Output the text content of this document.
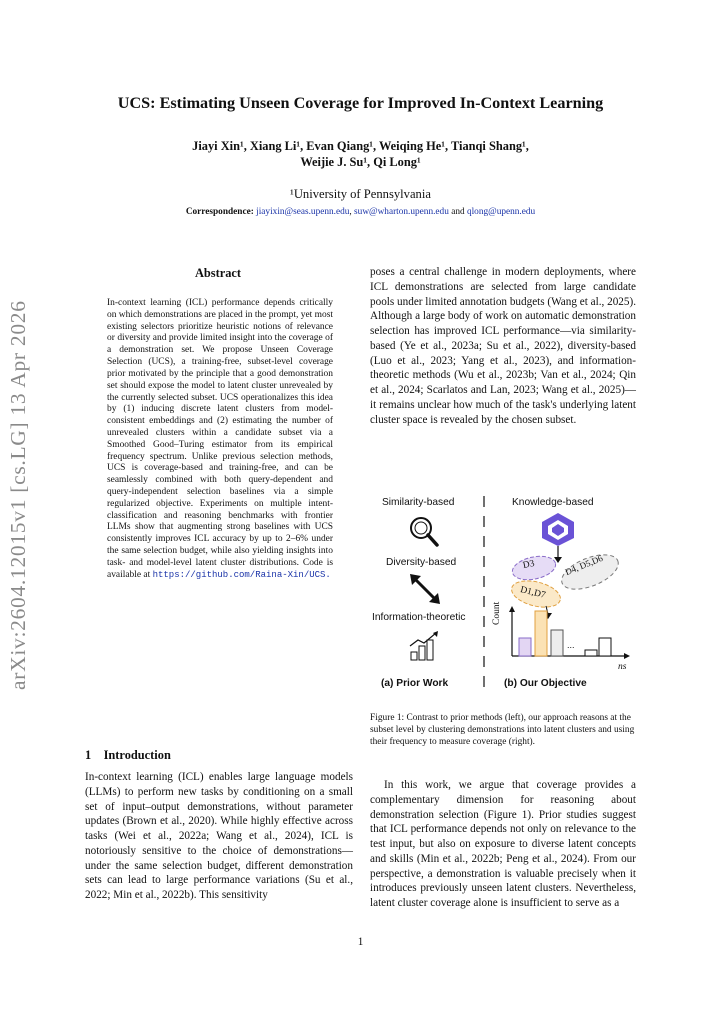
arXiv:2604.12015v1 [cs.LG] 13 Apr 2026
UCS: Estimating Unseen Coverage for Improved In-Context Learning
Jiayi Xin¹, Xiang Li¹, Evan Qiang¹, Weiqing He¹, Tianqi Shang¹,
Weijie J. Su¹, Qi Long¹
¹University of Pennsylvania
Correspondence: jiayixin@seas.upenn.edu, suw@wharton.upenn.edu and qlong@upenn.edu
Abstract
In-context learning (ICL) performance depends critically on which demonstrations are placed in the prompt, yet most existing selectors prioritize heuristic notions of relevance or diversity and provide limited insight into the coverage of a demonstration set. We propose Unseen Coverage Selection (UCS), a training-free, subset-level coverage prior motivated by the principle that a good demonstration set should expose the model to latent cluster unrevealed by the currently selected subset. UCS operationalizes this idea by (1) inducing discrete latent clusters from model-consistent embeddings and (2) estimating the number of unrevealed clusters within a candidate subset via a Smoothed Good–Turing estimator from its empirical frequency spectrum. Unlike previous selection methods, UCS is coverage-based and training-free, and can be seamlessly combined with both query-dependent and query-independent selection baselines via a simple regularized objective. Experiments on multiple intent-classification and reasoning benchmarks with frontier LLMs show that augmenting strong baselines with UCS consistently improves ICL accuracy by up to 2–6% under the same selection budget, while also yielding insights into task- and model-level latent cluster distributions. Code is available at https://github.com/Raina-Xin/UCS.
1 Introduction

In-context learning (ICL) enables large language models (LLMs) to perform new tasks by conditioning on a small set of input–output demonstrations, without parameter updates (Brown et al., 2020). While highly effective across tasks (Wei et al., 2022a; Wang et al., 2024), ICL is notoriously sensitive to the choice of demonstrations—under the same selection budget, different demonstration sets can lead to large performance variations (Su et al., 2022; Min et al., 2022b). This sensitivity

poses a central challenge in modern deployments, where ICL demonstrations are selected from large candidate pools under limited annotation budgets (Wang et al., 2025). Although a large body of work on automatic demonstration selection has improved ICL performance—via similarity-based (Ye et al., 2023a; Su et al., 2022), diversity-based (Luo et al., 2023; Yang et al., 2023), and information-theoretic methods (Wu et al., 2023b; Van et al., 2024; Qin et al., 2024; Scarlatos and Lan, 2023; Wang et al., 2025)—it remains unclear how much of the task's underlying latent cluster space is revealed by the chosen subset.

Similarity-based
Diversity-based
Information-theoretic
(a) Prior Work
Knowledge-based
D3	D4, D5,D6
D1,D7
Count
...
ns
(b) Our Objective
Figure 1: Contrast to prior methods (left), our approach reasons at the subset level by clustering demonstrations into latent clusters and using their frequency to measure coverage (right).

In this work, we argue that coverage provides a complementary dimension for reasoning about demonstration selection (Figure 1). Prior studies suggest that ICL performance depends not only on relevance to the test input, but also on exposure to diverse latent concepts and skills (Min et al., 2022b; Peng et al., 2024). From our perspective, a demonstration is valuable precisely when it introduces previously unseen latent clusters. Nevertheless, latent cluster coverage alone is insufficient to serve as a

1
